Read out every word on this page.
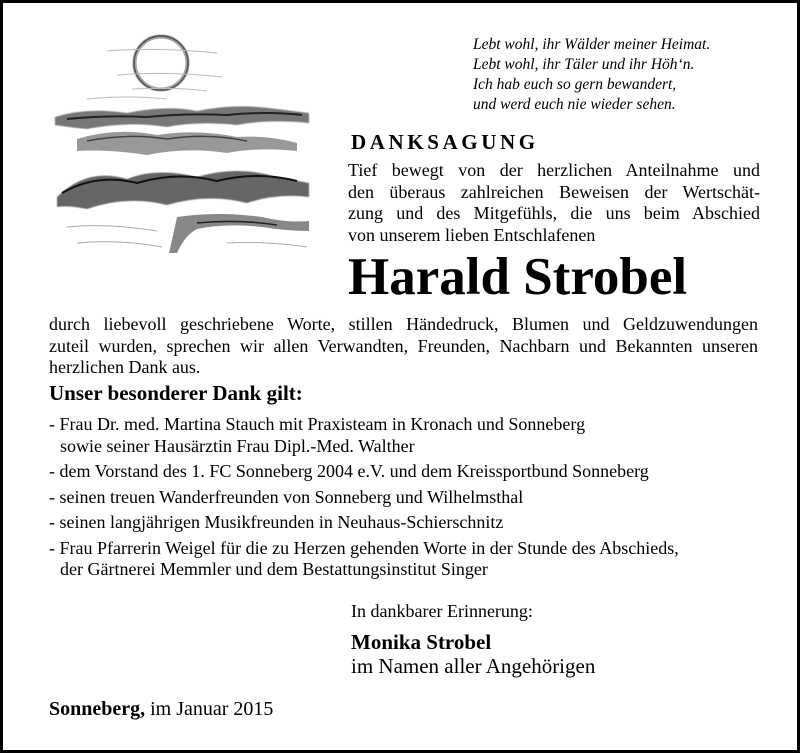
Lebt wohl, ihr Wälder meiner Heimat.
Lebt wohl, ihr Täler und ihr Höh‘n.
Ich hab euch so gern bewandert,
und werd euch nie wieder sehen.
DANKSAGUNG
Tief bewegt von der herzlichen Anteilnahme und
den überaus zahlreichen Beweisen der Wertschät-
zung und des Mitgefühls, die uns beim Abschied
von unserem lieben Entschlafenen
Harald Strobel
durch liebevoll geschriebene Worte, stillen Händedruck, Blumen und Geldzuwendungen
zuteil wurden, sprechen wir allen Verwandten, Freunden, Nachbarn und Bekannten unseren
herzlichen Dank aus.
Unser besonderer Dank gilt:
- Frau Dr. med. Martina Stauch mit Praxisteam in Kronach und Sonneberg
sowie seiner Hausärztin Frau Dipl.-Med. Walther
- dem Vorstand des 1. FC Sonneberg 2004 e.V. und dem Kreissportbund Sonneberg
- seinen treuen Wanderfreunden von Sonneberg und Wilhelmsthal
- seinen langjährigen Musikfreunden in Neuhaus-Schierschnitz
- Frau Pfarrerin Weigel für die zu Herzen gehenden Worte in der Stunde des Abschieds,
der Gärtnerei Memmler und dem Bestattungsinstitut Singer
In dankbarer Erinnerung:
Monika Strobel
im Namen aller Angehörigen
Sonneberg, im Januar 2015
